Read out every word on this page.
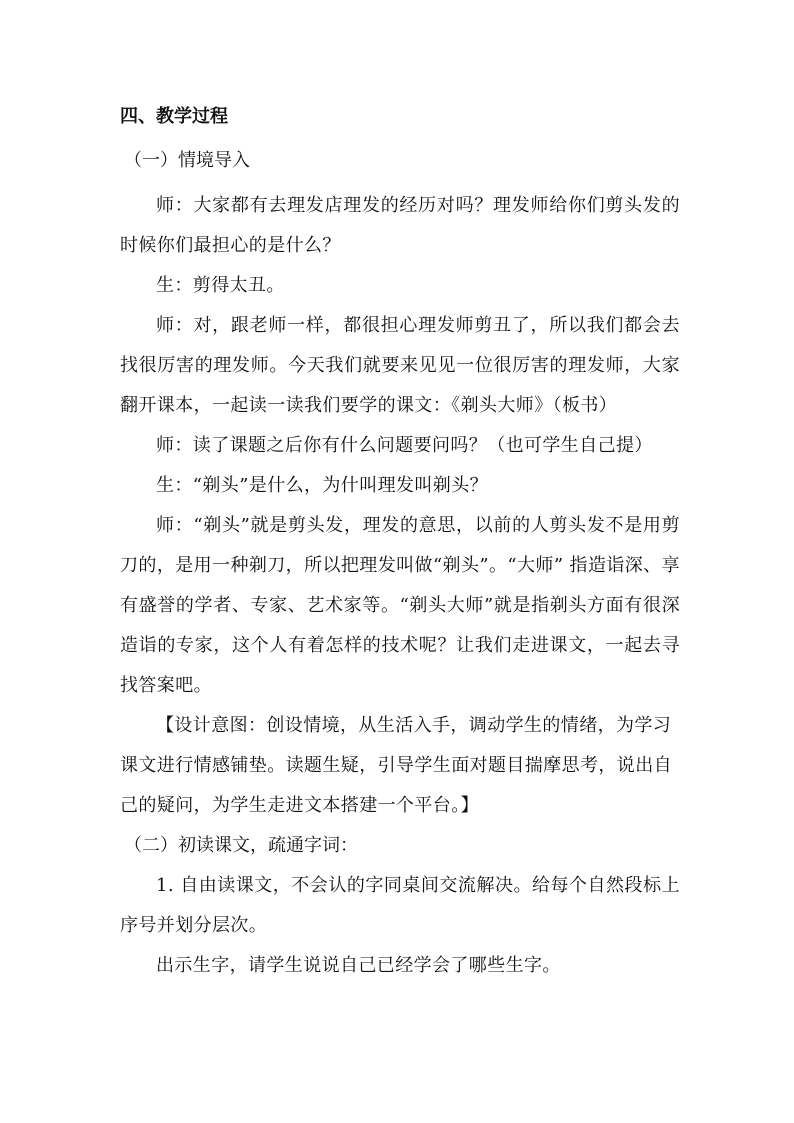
四、教学过程
（一）情境导入

师：大家都有去理发店理发的经历对吗？理发师给你们剪头发的时候你们最担心的是什么？

生：剪得太丑。

师：对，跟老师一样，都很担心理发师剪丑了，所以我们都会去找很厉害的理发师。今天我们就要来见见一位很厉害的理发师，大家翻开课本，一起读一读我们要学的课文：《剃头大师》（板书）

师：读了课题之后你有什么问题要问吗？（也可学生自己提）

生：“剃头”是什么，为什叫理发叫剃头？

师：“剃头”就是剪头发，理发的意思，以前的人剪头发不是用剪刀的，是用一种剃刀，所以把理发叫做“剃头”。“大师” 指造诣深、享有盛誉的学者、专家、艺术家等。“剃头大师”就是指剃头方面有很深造诣的专家，这个人有着怎样的技术呢？让我们走进课文，一起去寻找答案吧。

【设计意图：创设情境，从生活入手，调动学生的情绪，为学习课文进行情感铺垫。读题生疑，引导学生面对题目揣摩思考，说出自己的疑问，为学生走进文本搭建一个平台。】

（二）初读课文，疏通字词：

1. 自由读课文，不会认的字同桌间交流解决。给每个自然段标上序号并划分层次。

出示生字，请学生说说自己已经学会了哪些生字。
